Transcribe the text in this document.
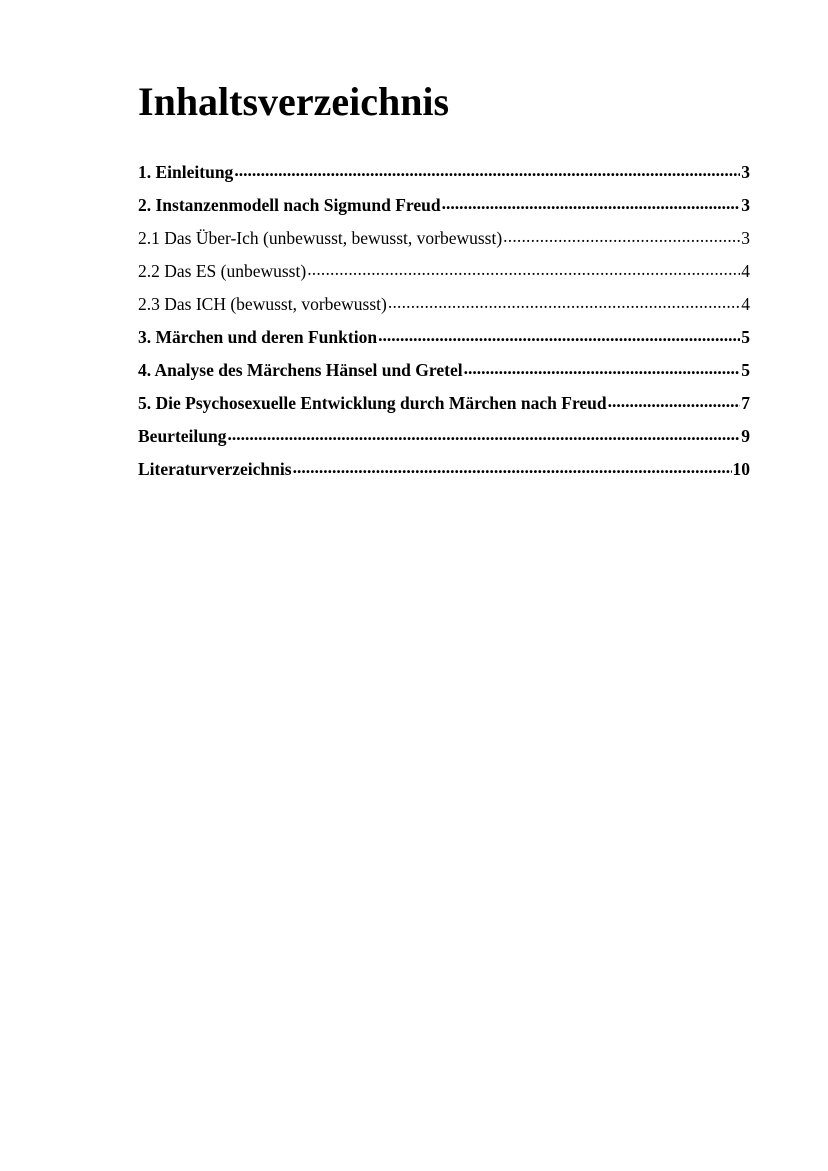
Inhaltsverzeichnis
1. Einleitung .....	3
2. Instanzenmodell nach Sigmund Freud .....	3
2.1 Das Über-Ich (unbewusst, bewusst, vorbewusst) .....	3
2.2 Das ES (unbewusst) .....	4
2.3 Das ICH (bewusst, vorbewusst) .....	4
3. Märchen und deren Funktion .....	5
4. Analyse des Märchens Hänsel und Gretel .....	5
5. Die Psychosexuelle Entwicklung durch Märchen nach Freud .....	7
Beurteilung .....	9
Literaturverzeichnis .....	10
